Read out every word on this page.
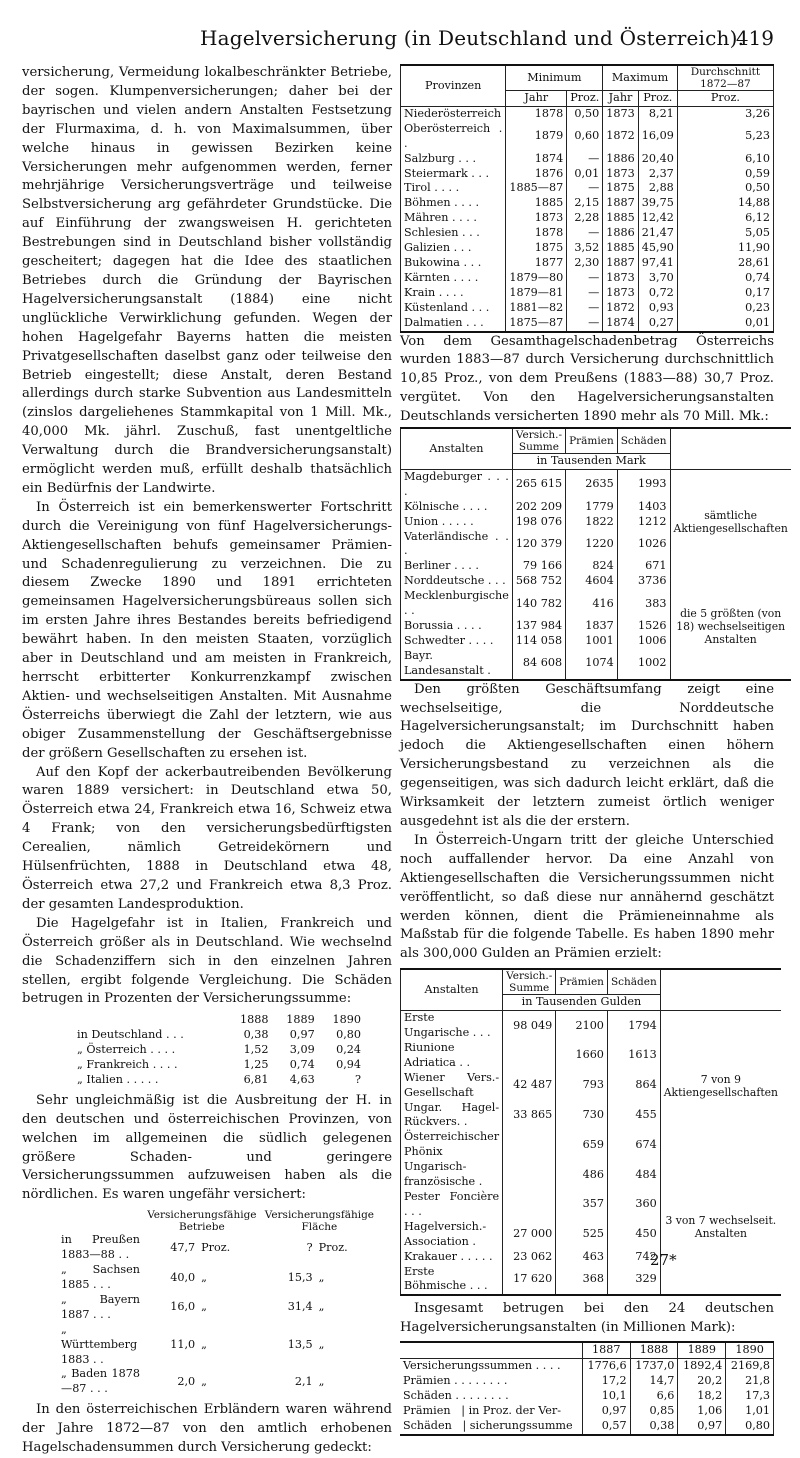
Hagelversicherung (in Deutschland und Österreich).
419

versicherung, Vermeidung lokalbeschränkter Betriebe, der sogen. Klumpenversicherungen; daher bei der bayrischen und vielen andern Anstalten Festsetzung der Flurmaxima, d. h. von Maximalsummen, über welche hinaus in gewissen Bezirken keine Versicherungen mehr aufgenommen werden, ferner mehrjährige Versicherungsverträge und teilweise Selbstversicherung arg gefährdeter Grundstücke. Die auf Einführung der zwangsweisen H. gerichteten Bestrebungen sind in Deutschland bisher vollständig gescheitert; dagegen hat die Idee des staatlichen Betriebes durch die Gründung der Bayrischen Hagelversicherungsanstalt (1884) eine nicht unglückliche Verwirklichung gefunden. Wegen der hohen Hagelgefahr Bayerns hatten die meisten Privatgesellschaften daselbst ganz oder teilweise den Betrieb eingestellt; diese Anstalt, deren Bestand allerdings durch starke Subvention aus Landesmitteln (zinslos dargeliehenes Stammkapital von 1 Mill. Mk., 40,000 Mk. jährl. Zuschuß, fast unentgeltliche Verwaltung durch die Brandversicherungsanstalt) ermöglicht werden muß, erfüllt deshalb thatsächlich ein Bedürfnis der Landwirte.

In Österreich ist ein bemerkenswerter Fortschritt durch die Vereinigung von fünf Hagelversicherungs-Aktiengesellschaften behufs gemeinsamer Prämien- und Schadenregulierung zu verzeichnen. Die zu diesem Zwecke 1890 und 1891 errichteten gemeinsamen Hagelversicherungsbüreaus sollen sich im ersten Jahre ihres Bestandes bereits befriedigend bewährt haben. In den meisten Staaten, vorzüglich aber in Deutschland und am meisten in Frankreich, herrscht erbitterter Konkurrenzkampf zwischen Aktien- und wechselseitigen Anstalten. Mit Ausnahme Österreichs überwiegt die Zahl der letztern, wie aus obiger Zusammenstellung der Geschäftsergebnisse der größern Gesellschaften zu ersehen ist.

Auf den Kopf der ackerbautreibenden Bevölkerung waren 1889 versichert: in Deutschland etwa 50, Österreich etwa 24, Frankreich etwa 16, Schweiz etwa 4 Frank; von den versicherungsbedürftigsten Cerealien, nämlich Getreidekörnern und Hülsenfrüchten, 1888 in Deutschland etwa 48, Österreich etwa 27,2 und Frankreich etwa 8,3 Proz. der gesamten Landesproduktion.

Die Hagelgefahr ist in Italien, Frankreich und Österreich größer als in Deutschland. Wie wechselnd die Schadenziffern sich in den einzelnen Jahren stellen, ergibt folgende Vergleichung. Die Schäden betrugen in Prozenten der Versicherungssumme:

	1888	1889	1890
in Deutschland . . .	0,38	0,97	0,80
„ Österreich . . . .	1,52	3,09	0,24
„ Frankreich . . . .	1,25	0,74	0,94
„ Italien . . . . .	6,81	4,63	?

Sehr ungleichmäßig ist die Ausbreitung der H. in den deutschen und österreichischen Provinzen, von welchen im allgemeinen die südlich gelegenen größere Schaden- und geringere Versicherungssummen aufzuweisen haben als die nördlichen. Es waren ungefähr versichert:

	Versicherungsfähige Betriebe		Versicherungsfähige Fläche	
in Preußen 1883—88 . .	47,7	Proz.	?	Proz.
„ Sachsen 1885 . . .	40,0	„	15,3	„
„ Bayern 1887 . . .	16,0	„	31,4	„
„ Württemberg 1883 . .	11,0	„	13,5	„
„ Baden 1878—87 . . .	2,0	„	2,1	„

In den österreichischen Erbländern waren während der Jahre 1872—87 von den amtlich erhobenen Hagelschadensummen durch Versicherung gedeckt:

Provinzen	Minimum		Maximum		Durchschnitt 1872—87
	Jahr	Proz.	Jahr	Proz.	Proz.
Niederösterreich	1878	0,50	1873	8,21	3,26
Oberösterreich . .	1879	0,60	1872	16,09	5,23
Salzburg . . .	1874	—	1886	20,40	6,10
Steiermark . . .	1876	0,01	1873	2,37	0,59
Tirol . . . .	1885—87	—	1875	2,88	0,50
Böhmen . . . .	1885	2,15	1887	39,75	14,88
Mähren . . . .	1873	2,28	1885	12,42	6,12
Schlesien . . .	1878	—	1886	21,47	5,05
Galizien . . .	1875	3,52	1885	45,90	11,90
Bukowina . . .	1877	2,30	1887	97,41	28,61
Kärnten . . . .	1879—80	—	1873	3,70	0,74
Krain . . . .	1879—81	—	1873	0,72	0,17
Küstenland . . .	1881—82	—	1872	0,93	0,23
Dalmatien . . .	1875—87	—	1874	0,27	0,01

Von dem Gesamthagelschadenbetrag Österreichs wurden 1883—87 durch Versicherung durchschnittlich 10,85 Proz., von dem Preußens (1883—88) 30,7 Proz. vergütet. Von den Hagelversicherungsanstalten Deutschlands versicherten 1890 mehr als 70 Mill. Mk.:

Anstalten	Versich.-Summe	Prämien	Schäden	
	in Tausenden Mark			
Magdeburger . . . .	265 615	2635	1993	sämtliche Aktiengesellschaften
Kölnische . . . .	202 209	1779	1403	
Union . . . . .	198 076	1822	1212	
Vaterländische . . .	120 379	1220	1026	
Berliner . . . .	79 166	824	671	
Norddeutsche . . .	568 752	4604	3736	die 5 größten (von 18) wechselseitigen Anstalten
Mecklenburgische . .	140 782	416	383	
Borussia . . . .	137 984	1837	1526	
Schwedter . . . .	114 058	1001	1006	
Bayr. Landesanstalt .	84 608	1074	1002	

Den größten Geschäftsumfang zeigt eine wechselseitige, die Norddeutsche Hagelversicherungsanstalt; im Durchschnitt haben jedoch die Aktiengesellschaften einen höhern Versicherungsbestand zu verzeichnen als die gegenseitigen, was sich dadurch leicht erklärt, daß die Wirksamkeit der letztern zumeist örtlich weniger ausgedehnt ist als die der erstern.

In Österreich-Ungarn tritt der gleiche Unterschied noch auffallender hervor. Da eine Anzahl von Aktiengesellschaften die Versicherungssummen nicht veröffentlicht, so daß diese nur annähernd geschätzt werden können, dient die Prämieneinnahme als Maßstab für die folgende Tabelle. Es haben 1890 mehr als 300,000 Gulden an Prämien erzielt:

Anstalten	Versich.-Summe	Prämien	Schäden	
	in Tausenden Gulden			
Erste Ungarische . . .	98 049	2100	1794	7 von 9 Aktiengesellschaften
Riunione Adriatica . .		1660	1613	
Wiener Vers.-Gesellschaft	42 487	793	864	
Ungar. Hagel-Rückvers. .	33 865	730	455	
Österreichischer Phönix		659	674	
Ungarisch-französische .		486	484	3 von 7 wechselseit. Anstalten
Pester Foncière . . .		357	360	
Hagelversich.-Association .	27 000	525	450	
Krakauer . . . . .	23 062	463	742	
Erste Böhmische . . .	17 620	368	329	

Insgesamt betrugen bei den 24 deutschen Hagelversicherungsanstalten (in Millionen Mark):

	1887	1888	1889	1890
Versicherungssummen . . . .	1776,6	1737,0	1892,4	2169,8
Prämien . . . . . . . .	17,2	14,7	20,2	21,8
Schäden . . . . . . . .	10,1	6,6	18,2	17,3
Prämien   | in Proz. der Ver-	0,97	0,85	1,06	1,01
Schäden   | sicherungssumme	0,57	0,38	0,97	0,80
27*
